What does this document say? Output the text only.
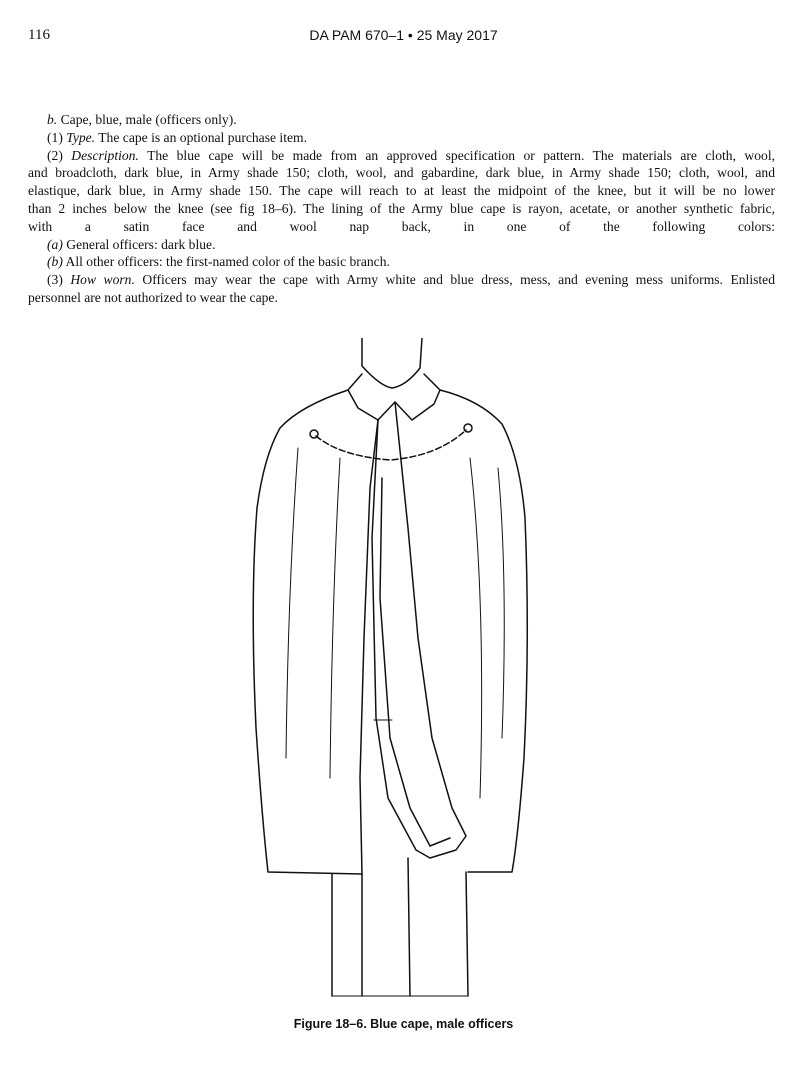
116	DA PAM 670–1 • 25 May 2017
b. Cape, blue, male (officers only).
(1) Type. The cape is an optional purchase item.
(2) Description. The blue cape will be made from an approved specification or pattern. The materials are cloth, wool,
and broadcloth, dark blue, in Army shade 150; cloth, wool, and gabardine, dark blue, in Army shade 150; cloth, wool, and
elastique, dark blue, in Army shade 150. The cape will reach to at least the midpoint of the knee, but it will be no lower
than 2 inches below the knee (see fig 18–6). The lining of the Army blue cape is rayon, acetate, or another synthetic fabric,
with a satin face and wool nap back, in one of the following colors:
(a) General officers: dark blue.
(b) All other officers: the first-named color of the basic branch.
(3) How worn. Officers may wear the cape with Army white and blue dress, mess, and evening mess uniforms. Enlisted
personnel are not authorized to wear the cape.
Figure 18–6. Blue cape, male officers
